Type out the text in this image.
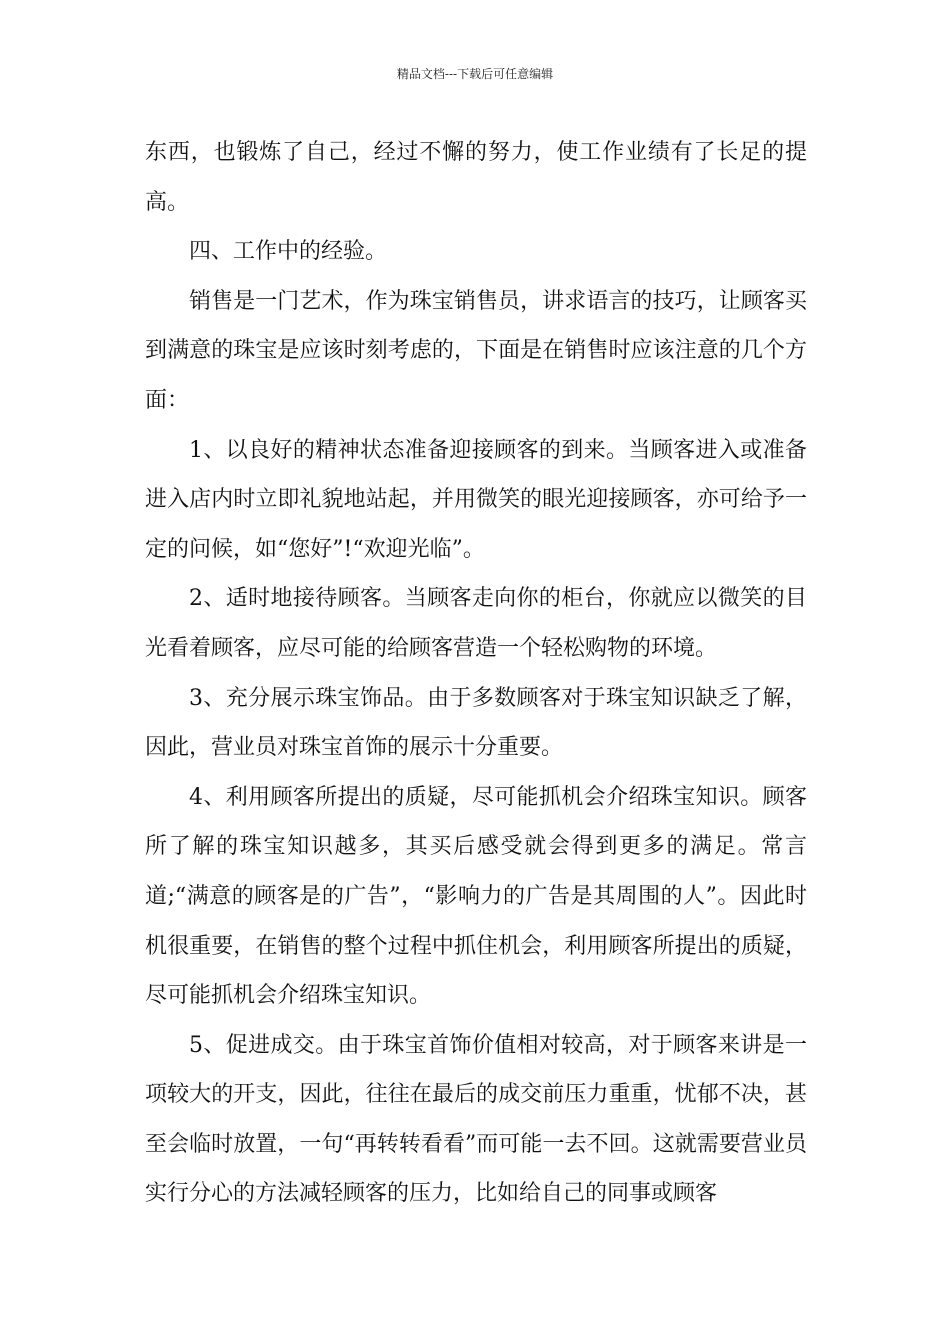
精品文档---下载后可任意编辑

东西，也锻炼了自己，经过不懈的努力，使工作业绩有了长足的提高。

四、工作中的经验。

销售是一门艺术，作为珠宝销售员，讲求语言的技巧，让顾客买到满意的珠宝是应该时刻考虑的，下面是在销售时应该注意的几个方面：

1、以良好的精神状态准备迎接顾客的到来。当顾客进入或准备进入店内时立即礼貌地站起，并用微笑的眼光迎接顾客，亦可给予一定的问候，如“您好”!“欢迎光临”。

2、适时地接待顾客。当顾客走向你的柜台，你就应以微笑的目光看着顾客，应尽可能的给顾客营造一个轻松购物的环境。

3、充分展示珠宝饰品。由于多数顾客对于珠宝知识缺乏了解，因此，营业员对珠宝首饰的展示十分重要。

4、利用顾客所提出的质疑，尽可能抓机会介绍珠宝知识。顾客所了解的珠宝知识越多，其买后感受就会得到更多的满足。常言道;“满意的顾客是的广告”，“影响力的广告是其周围的人”。因此时机很重要，在销售的整个过程中抓住机会，利用顾客所提出的质疑，尽可能抓机会介绍珠宝知识。

5、促进成交。由于珠宝首饰价值相对较高，对于顾客来讲是一项较大的开支，因此，往往在最后的成交前压力重重，忧郁不决，甚至会临时放置，一句“再转转看看”而可能一去不回。这就需要营业员实行分心的方法减轻顾客的压力，比如给自己的同事或顾客
